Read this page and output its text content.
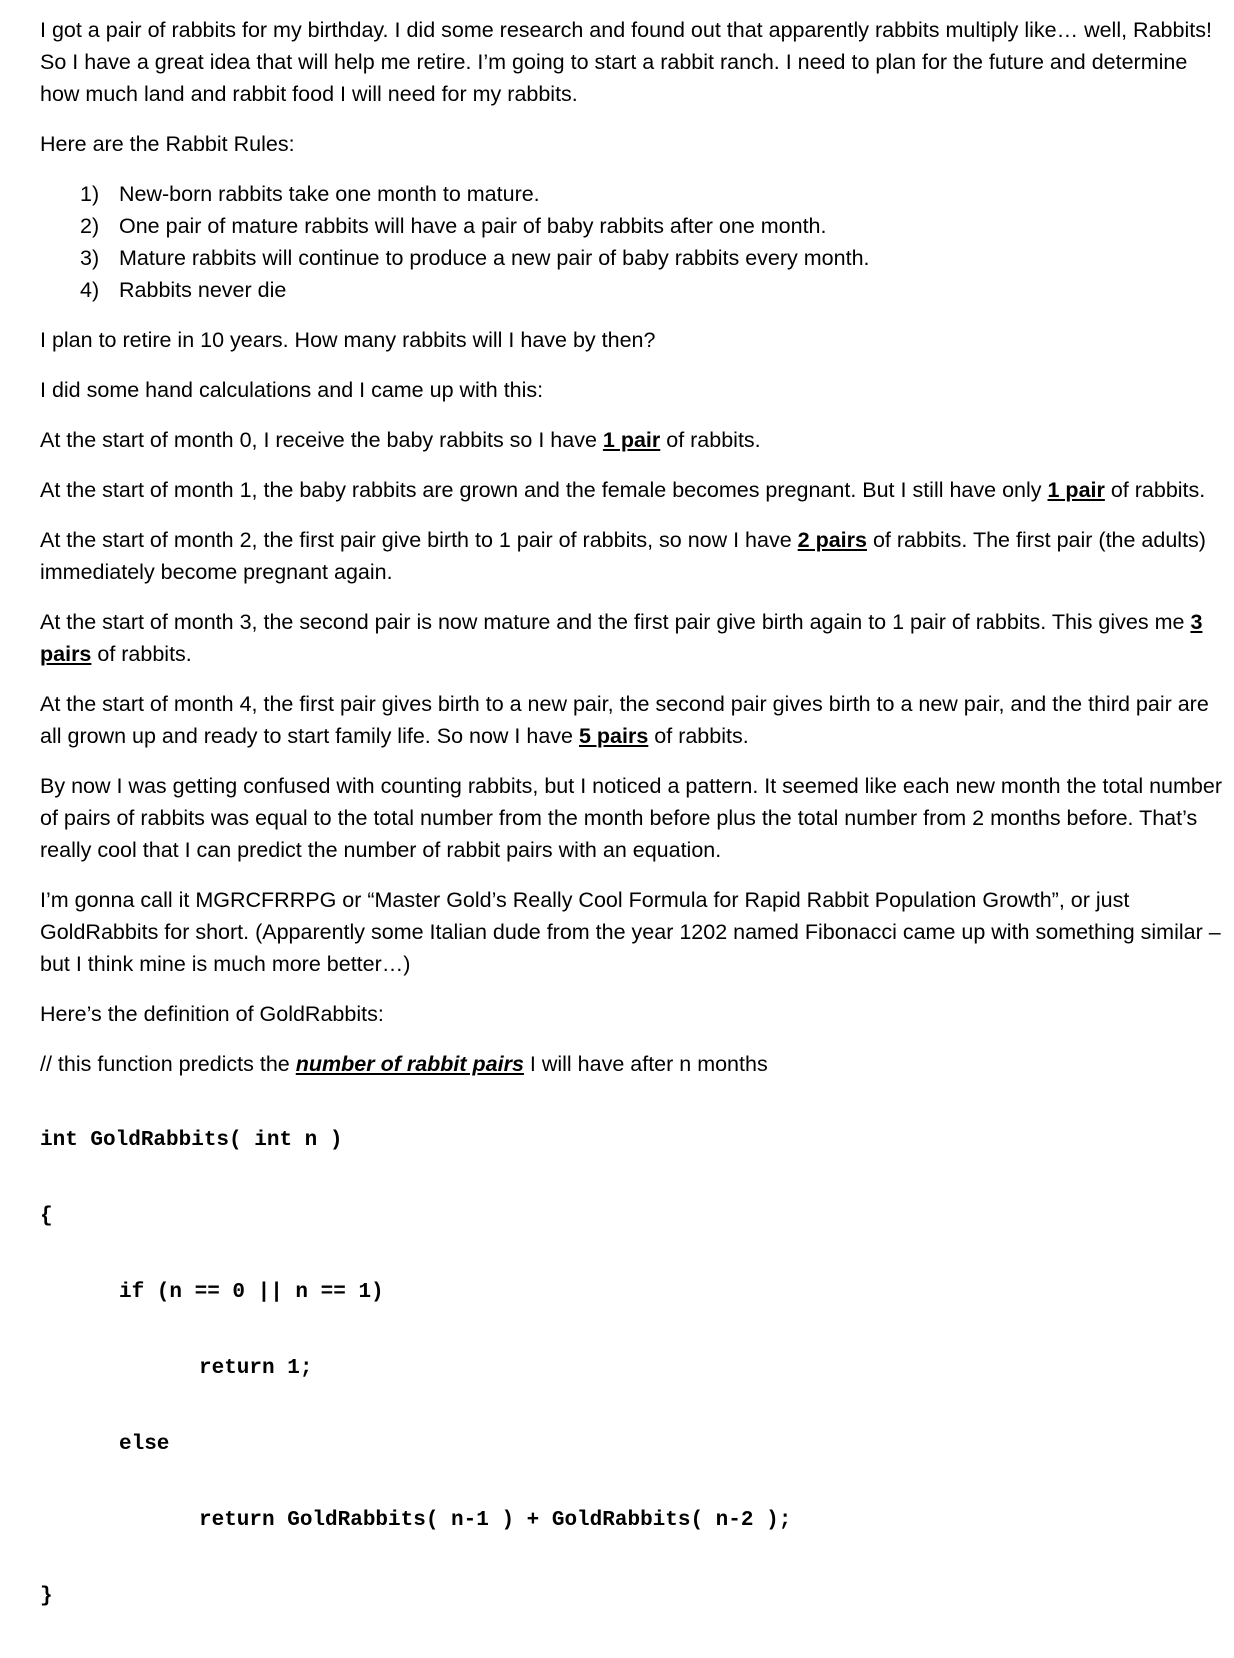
I got a pair of rabbits for my birthday. I did some research and found out that apparently rabbits multiply like… well, Rabbits! So I have a great idea that will help me retire. I’m going to start a rabbit ranch. I need to plan for the future and determine how much land and rabbit food I will need for my rabbits.

Here are the Rabbit Rules:

1) New-born rabbits take one month to mature.
2) One pair of mature rabbits will have a pair of baby rabbits after one month.
3) Mature rabbits will continue to produce a new pair of baby rabbits every month.
4) Rabbits never die

I plan to retire in 10 years. How many rabbits will I have by then?

I did some hand calculations and I came up with this:

At the start of month 0, I receive the baby rabbits so I have 1 pair of rabbits.

At the start of month 1, the baby rabbits are grown and the female becomes pregnant. But I still have only 1 pair of rabbits.

At the start of month 2, the first pair give birth to 1 pair of rabbits, so now I have 2 pairs of rabbits. The first pair (the adults) immediately become pregnant again.

At the start of month 3, the second pair is now mature and the first pair give birth again to 1 pair of rabbits. This gives me 3 pairs of rabbits.

At the start of month 4, the first pair gives birth to a new pair, the second pair gives birth to a new pair, and the third pair are all grown up and ready to start family life. So now I have 5 pairs of rabbits.

By now I was getting confused with counting rabbits, but I noticed a pattern. It seemed like each new month the total number of pairs of rabbits was equal to the total number from the month before plus the total number from 2 months before. That’s really cool that I can predict the number of rabbit pairs with an equation.

I’m gonna call it MGRCFRRPG or “Master Gold’s Really Cool Formula for Rapid Rabbit Population Growth”, or just GoldRabbits for short. (Apparently some Italian dude from the year 1202 named Fibonacci came up with something similar – but I think mine is much more better…)

Here’s the definition of GoldRabbits:

// this function predicts the number of rabbit pairs I will have after n months

int GoldRabbits( int n )

{

if (n == 0 || n == 1)

return 1;

else

return GoldRabbits( n-1 ) + GoldRabbits( n-2 );

}
